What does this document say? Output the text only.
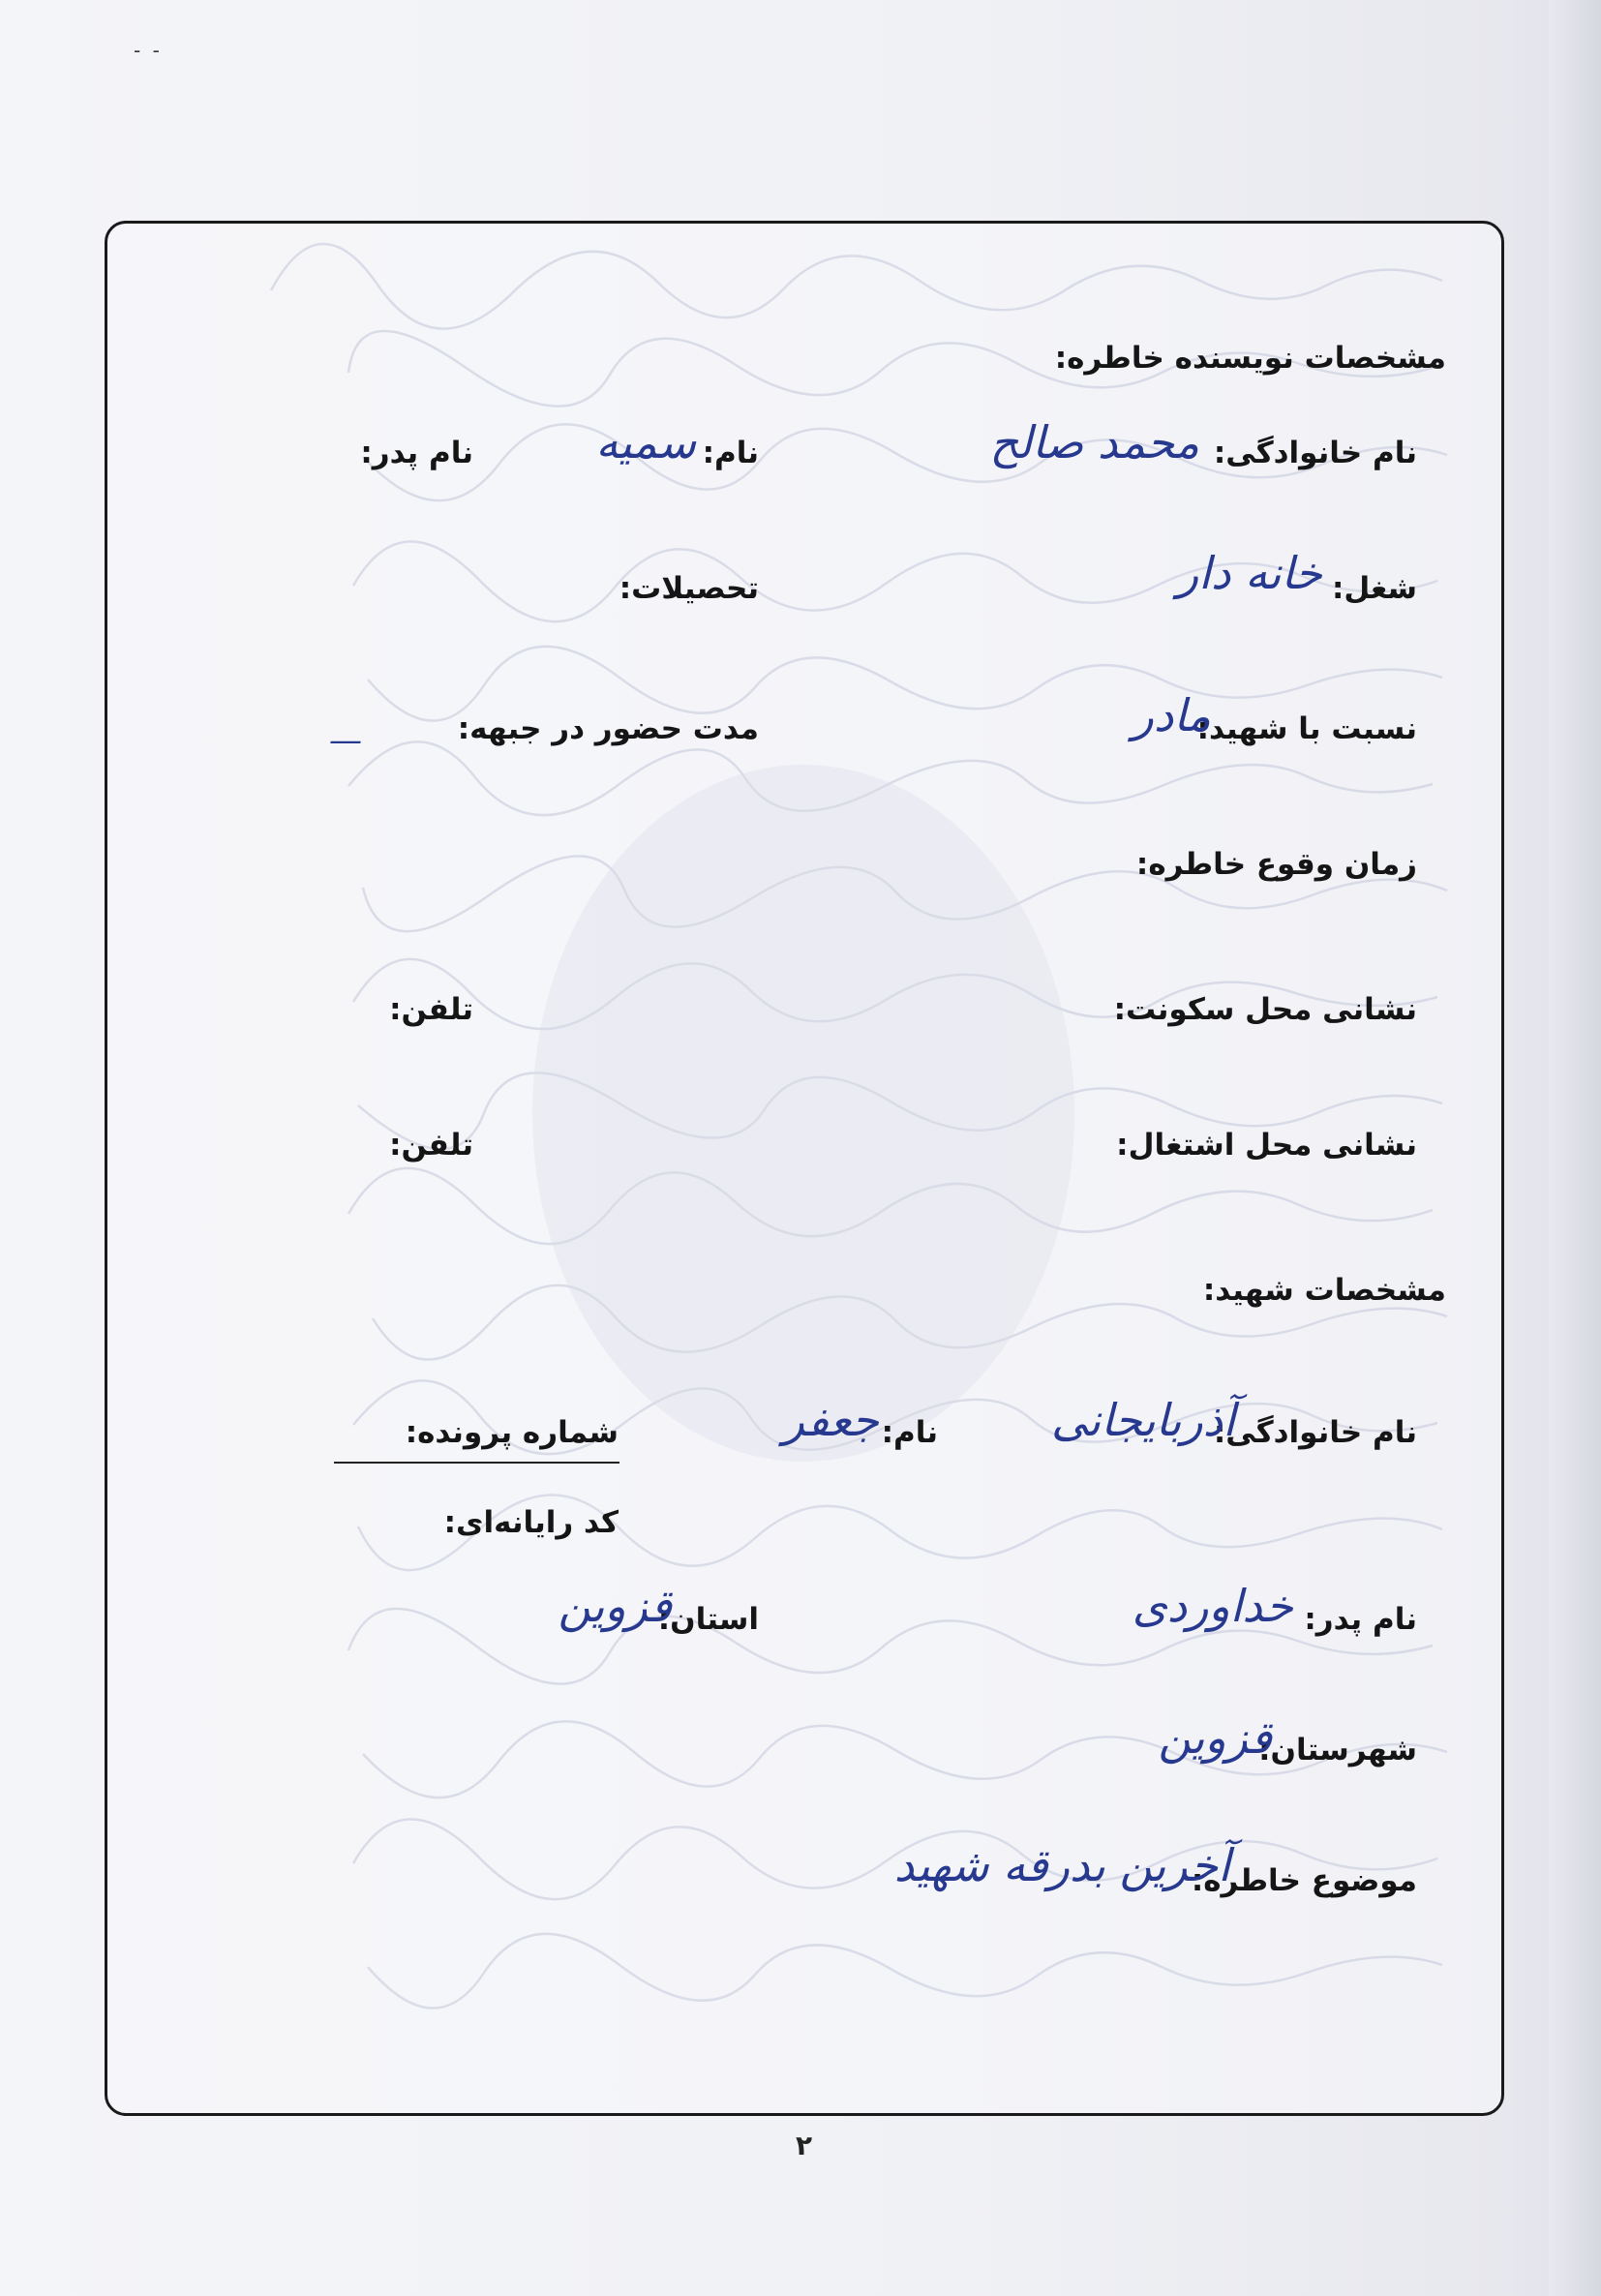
- -
مشخصات نویسنده خاطره:
نام خانوادگی:
محمد صالح
نام:
سمیه
نام پدر:
شغل:
خانه دار
تحصیلات:
نسبت با شهید:
مادر
مدت حضور در جبهه:
—
زمان وقوع خاطره:
نشانی محل سکونت:
تلفن:
نشانی محل اشتغال:
تلفن:
مشخصات شهید:
نام خانوادگی:
آذربایجانی
نام:
جعفر
شماره پرونده:
کد رایانه‌ای:
نام پدر:
خداوردی
استان:
قزوین
شهرستان:
قزوین
موضوع خاطره:
آخرین بدرقه شهید
۲
